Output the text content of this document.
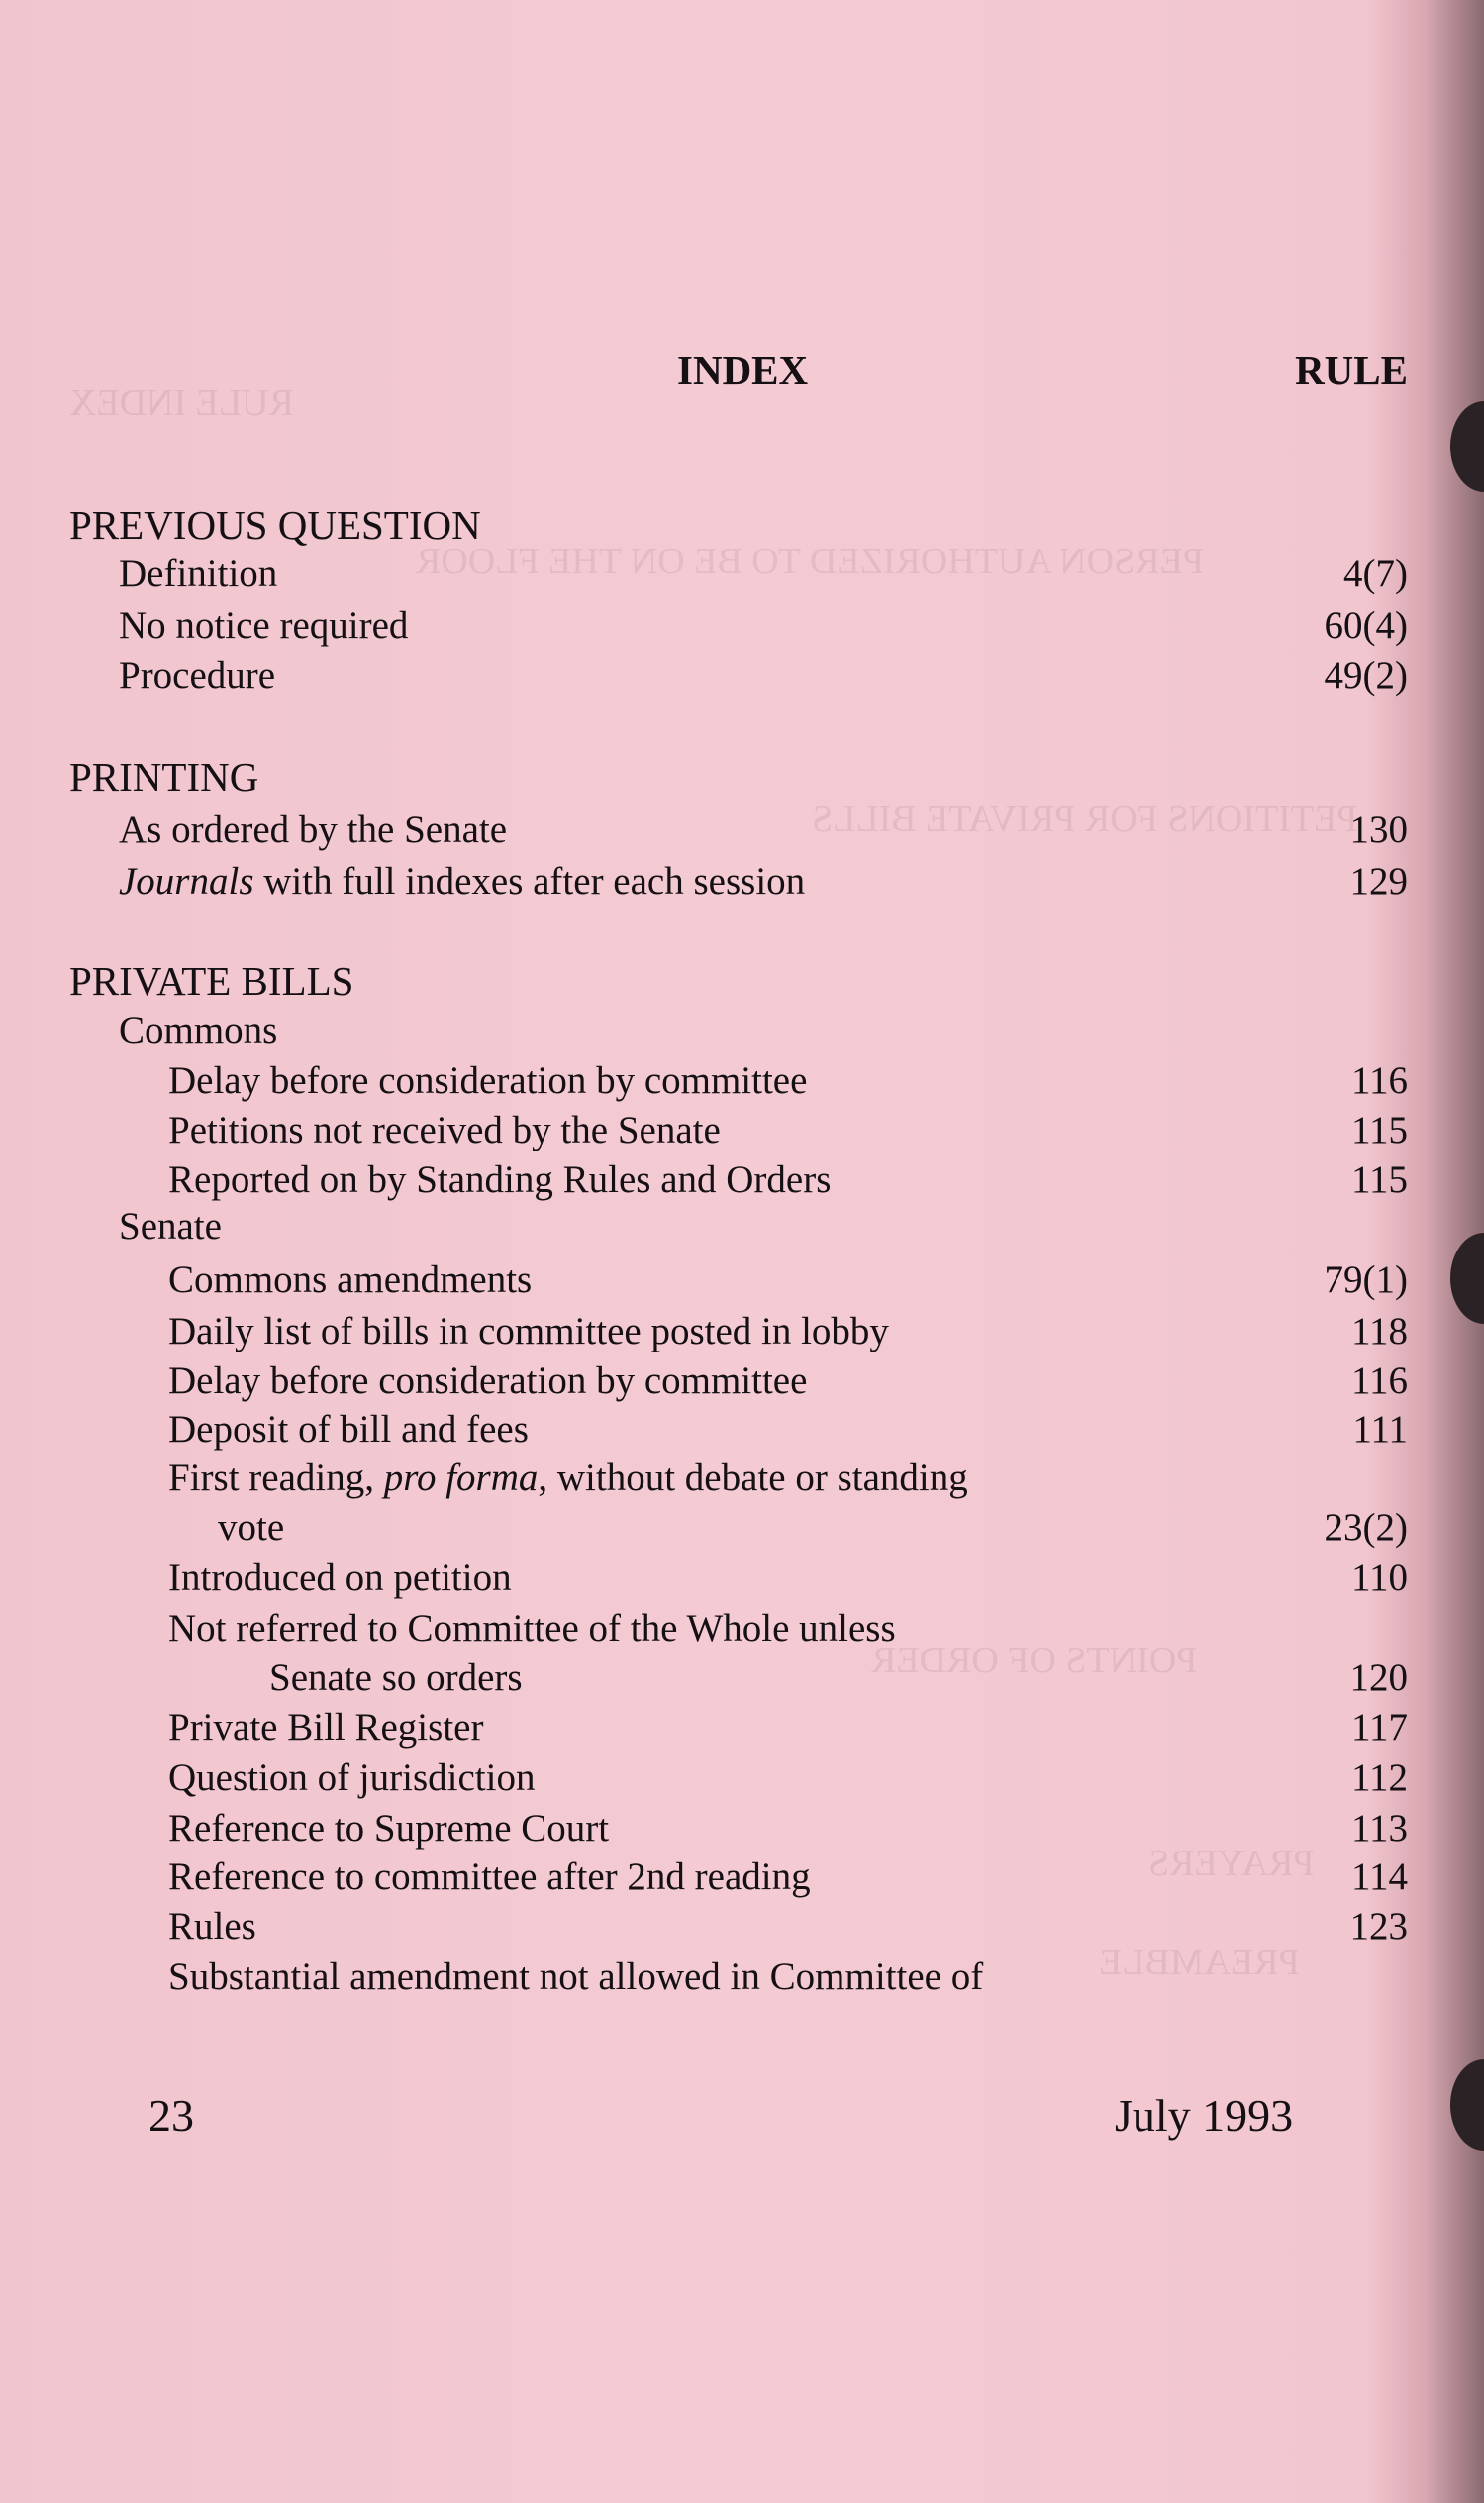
RULE INDEX
PERSON AUTHORIZED TO BE ON THE FLOOR
PETITIONS FOR PRIVATE BILLS
POINTS OF ORDER
PRAYERS
PREAMBLE
INDEX	RULE
PREVIOUS QUESTION
Definition	4(7)
No notice required	60(4)
Procedure	49(2)
PRINTING
As ordered by the Senate	130
Journals with full indexes after each session	129
PRIVATE BILLS
Commons
Delay before consideration by committee	116
Petitions not received by the Senate	115
Reported on by Standing Rules and Orders	115
Senate
Commons amendments	79(1)
Daily list of bills in committee posted in lobby	118
Delay before consideration by committee	116
Deposit of bill and fees	111
First reading, pro forma, without debate or standing
vote	23(2)
Introduced on petition	110
Not referred to Committee of the Whole unless
Senate so orders	120
Private Bill Register	117
Question of jurisdiction	112
Reference to Supreme Court	113
Reference to committee after 2nd reading	114
Rules	123
Substantial amendment not allowed in Committee of
23	July 1993
